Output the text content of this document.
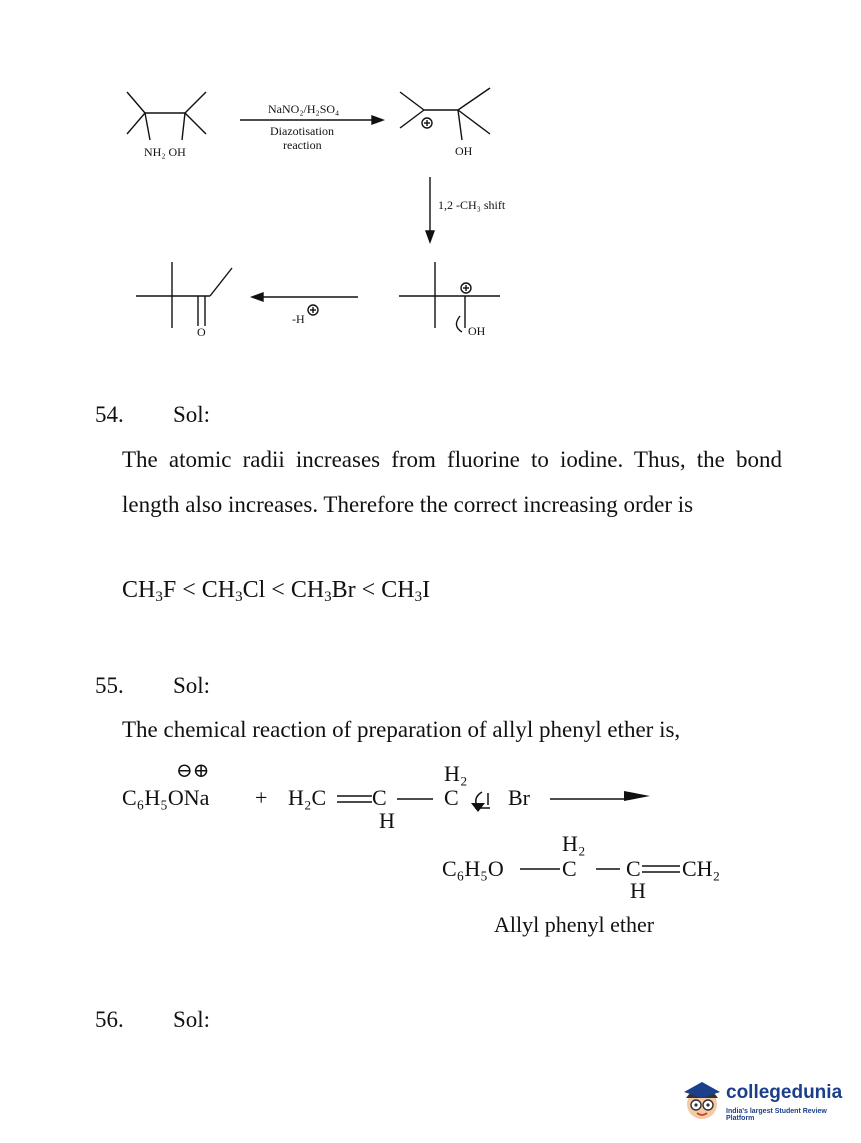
NH₂ OH
NaNO₂/H₂SO₄
Diazotisation
reaction	OH
1,2 -CH₃ shift
OH
-H
O
54. Sol:
The atomic radii increases from fluorine to iodine. Thus, the bond length also increases. Therefore the correct increasing order is
$CH_3F < CH_3Cl < CH_3Br < CH_3I$
55. Sol:
The chemical reaction of preparation of allyl phenyl ether is,
⊖⊕
C₆H₅ONa + H₂C C
H
H₂
C Br
H₂
C₆H₅O	C C
H
CH₂
Allyl phenyl ether
56. Sol:
collegedunia
India's largest Student Review Platform
